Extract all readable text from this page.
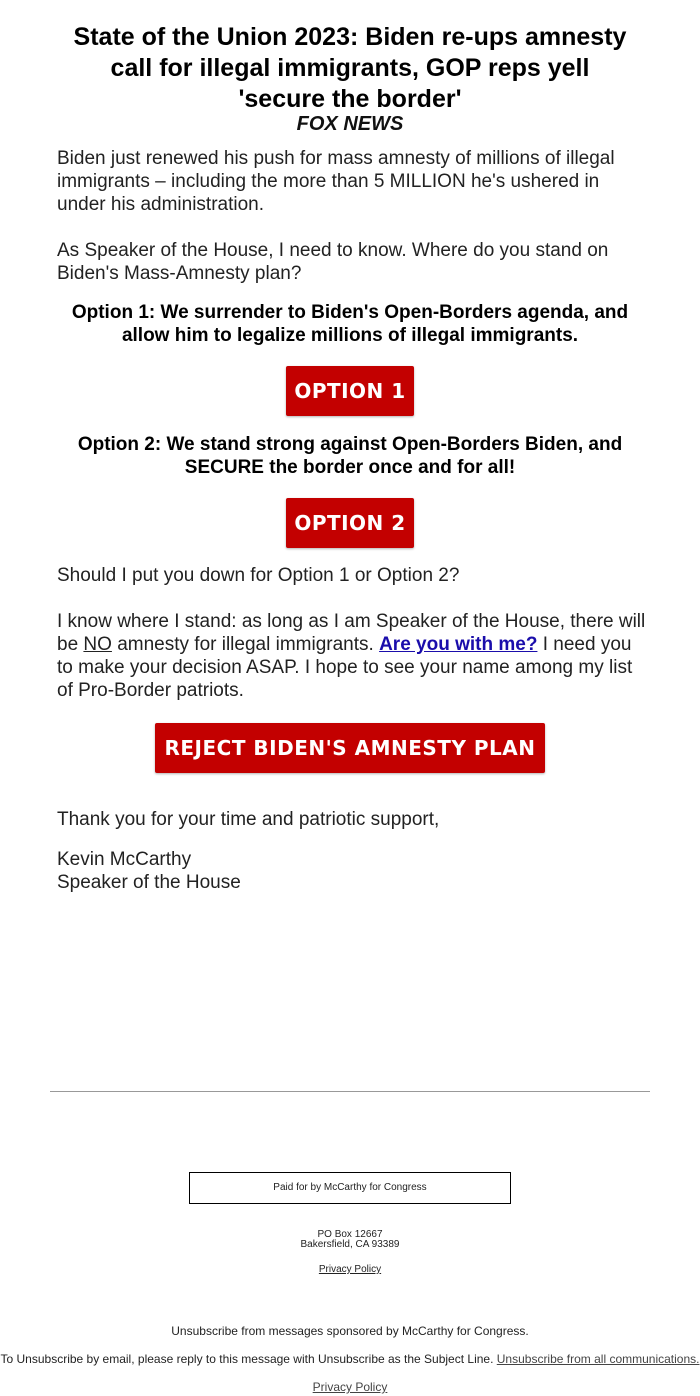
State of the Union 2023: Biden re-ups amnesty
call for illegal immigrants, GOP reps yell
'secure the border'
FOX NEWS
Biden just renewed his push for mass amnesty of millions of illegal immigrants – including the more than 5 MILLION he's ushered in under his administration.
As Speaker of the House, I need to know. Where do you stand on Biden's Mass-Amnesty plan?
Option 1: We surrender to Biden's Open-Borders agenda, and allow him to legalize millions of illegal immigrants.
OPTION 1
Option 2: We stand strong against Open-Borders Biden, and SECURE the border once and for all!
OPTION 2
Should I put you down for Option 1 or Option 2?
I know where I stand: as long as I am Speaker of the House, there will be NO amnesty for illegal immigrants. Are you with me? I need you to make your decision ASAP. I hope to see your name among my list of Pro-Border patriots.
REJECT BIDEN'S AMNESTY PLAN
Thank you for your time and patriotic support,
Kevin McCarthy
Speaker of the House
Paid for by McCarthy for Congress
PO Box 12667
Bakersfield, CA 93389
Privacy Policy
Unsubscribe from messages sponsored by McCarthy for Congress.
To Unsubscribe by email, please reply to this message with Unsubscribe as the Subject Line. Unsubscribe from all communications.
Privacy Policy
